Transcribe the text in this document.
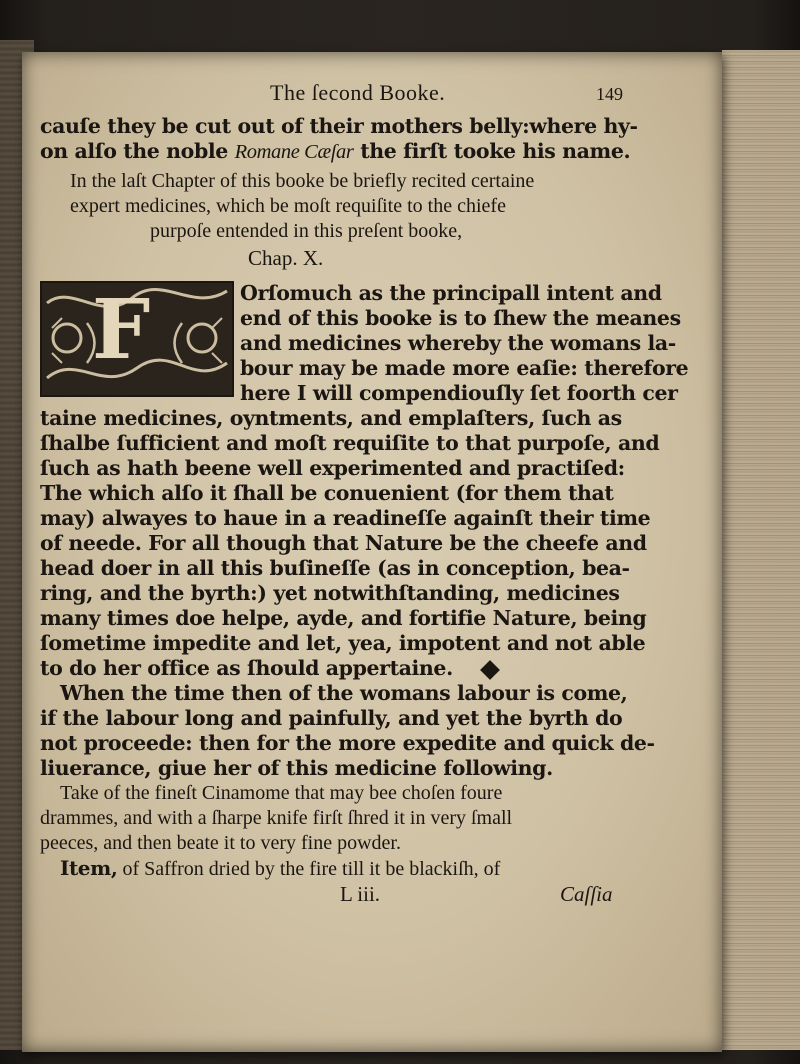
The ſecond Booke.	149

cauſe they be cut out of their mothers belly:where hy-

on alſo the noble Romane Cæſar the firſt tooke his name.

In the laſt Chapter of this booke be briefly recited certaine

expert medicines, which be moſt requiſite to the chiefe

purpoſe entended in this preſent booke,

Chap. X.
F	Orſomuch as the principall intent and

end of this booke is to ſhew the meanes

and medicines whereby the womans la-

bour may be made more eaſie: therefore

here I will compendiouſly ſet foorth cer

taine medicines, oyntments, and emplaſters, ſuch as

ſhalbe ſufficient and moſt requiſite to that purpoſe, and

ſuch as hath beene well experimented and practiſed:

The which alſo it ſhall be conuenient (for them that

may) alwayes to haue in a readineſſe againſt their time

of neede. For all though that Nature be the cheefe and

head doer in all this buſineſſe (as in conception, bea-

ring, and the byrth:) yet notwithſtanding, medicines

many times doe helpe, ayde, and fortifie Nature, being

ſometime impedite and let, yea, impotent and not able

to do her office as ſhould appertaine.

When the time then of the womans labour is come,

if the labour long and painfully, and yet the byrth do

not proceede: then for the more expedite and quick de-

liuerance, giue her of this medicine following.

Take of the fineſt Cinamome that may bee choſen foure

drammes, and with a ſharpe knife firſt ſhred it in very ſmall

peeces, and then beate it to very fine powder.

Item, of Saffron dried by the fire till it be blackiſh, of

L iii.	Caſſia
